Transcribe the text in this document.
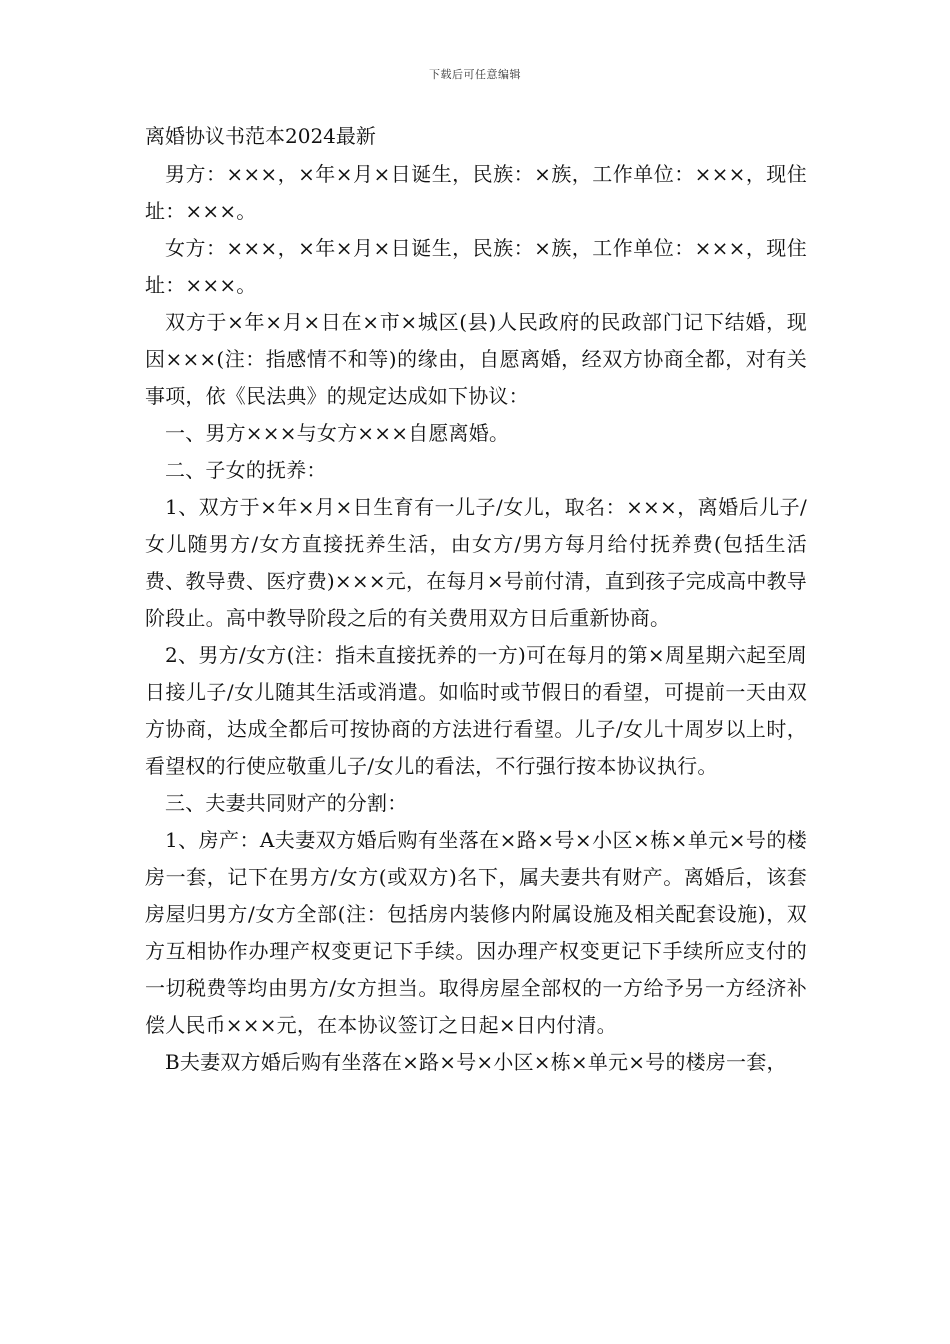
下载后可任意编辑
离婚协议书范本2024最新

男方：×××，×年×月×日诞生，民族：×族，工作单位：×××，现住址：×××。

女方：×××，×年×月×日诞生，民族：×族，工作单位：×××，现住址：×××。

双方于×年×月×日在×市×城区(县)人民政府的民政部门记下结婚，现因×××(注：指感情不和等)的缘由，自愿离婚，经双方协商全都，对有关事项，依《民法典》的规定达成如下协议：

一、男方×××与女方×××自愿离婚。

二、子女的抚养：

1、双方于×年×月×日生育有一儿子/女儿，取名：×××，离婚后儿子/女儿随男方/女方直接抚养生活，由女方/男方每月给付抚养费(包括生活费、教导费、医疗费)×××元，在每月×号前付清，直到孩子完成高中教导阶段止。高中教导阶段之后的有关费用双方日后重新协商。

2、男方/女方(注：指未直接抚养的一方)可在每月的第×周星期六起至周日接儿子/女儿随其生活或消遣。如临时或节假日的看望，可提前一天由双方协商，达成全都后可按协商的方法进行看望。儿子/女儿十周岁以上时，看望权的行使应敬重儿子/女儿的看法，不行强行按本协议执行。

三、夫妻共同财产的分割：

1、房产：A夫妻双方婚后购有坐落在×路×号×小区×栋×单元×号的楼房一套，记下在男方/女方(或双方)名下，属夫妻共有财产。离婚后，该套房屋归男方/女方全部(注：包括房内装修内附属设施及相关配套设施)，双方互相协作办理产权变更记下手续。因办理产权变更记下手续所应支付的一切税费等均由男方/女方担当。取得房屋全部权的一方给予另一方经济补偿人民币×××元，在本协议签订之日起×日内付清。

B夫妻双方婚后购有坐落在×路×号×小区×栋×单元×号的楼房一套，
